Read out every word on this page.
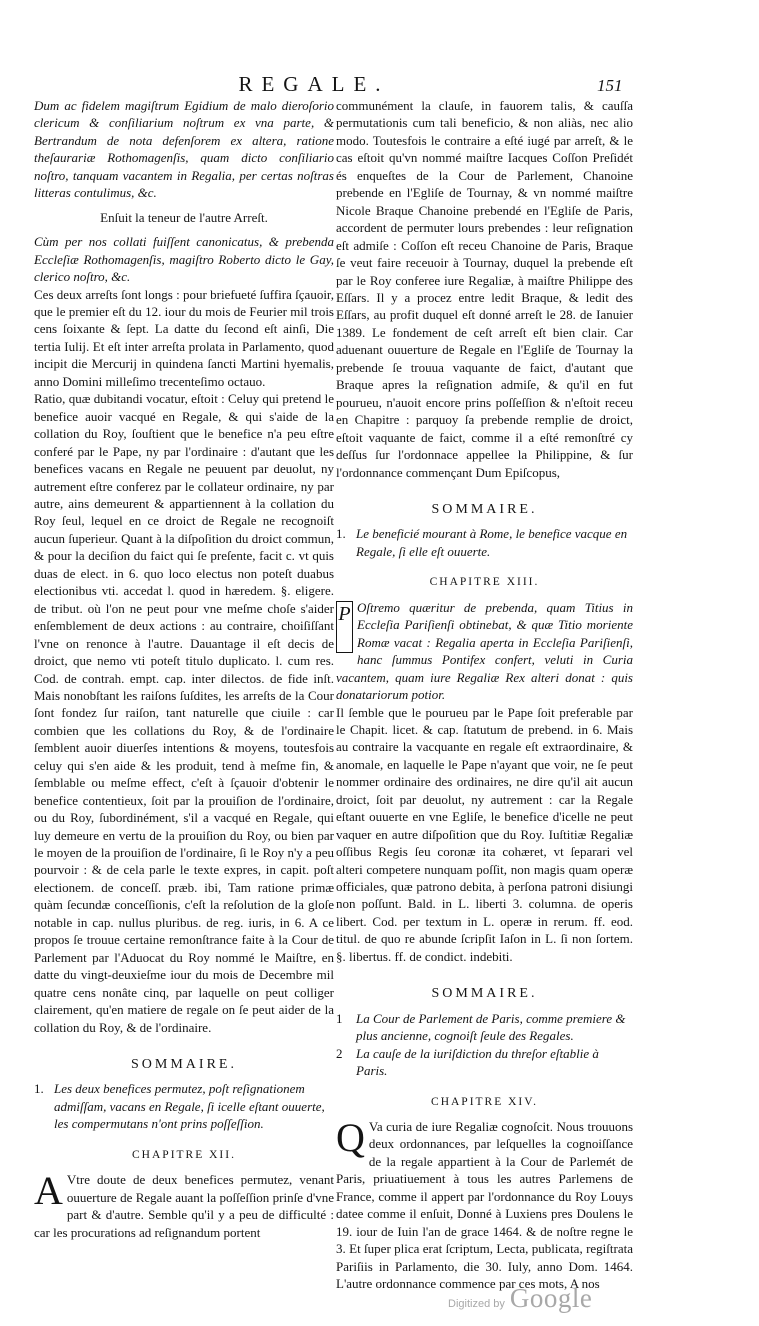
REGALE.	151

Dum ac fidelem magiſtrum Egidium de malo dieroſorio clericum & conſiliarium noſtrum ex vna parte, & Bertrandum de nota defenſorem ex altera, ratione theſaurariæ Rothomagenſis, quam dicto conſiliario noſtro, tanquam vacantem in Regalia, per certas noſtras litteras contulimus, &c.

Enſuit la teneur de l'autre Arreſt.

Cùm per nos collati fuiſſent canonicatus, & prebenda Eccleſiæ Rothomagenſis, magiſtro Roberto dicto le Gay, clerico noſtro, &c.

Ces deux arreſts ſont longs : pour briefueté ſuffira ſçauoir, que le premier eſt du 12. iour du mois de Feurier mil trois cens ſoixante & ſept. La datte du ſecond eſt ainſi, Die tertia Iulij. Et eſt inter arreſta prolata in Parlamento, quod incipit die Mercurij in quindena ſancti Martini hyemalis, anno Domini milleſimo trecenteſimo octauo.

Ratio, quæ dubitandi vocatur, eſtoit : Celuy qui pretend le benefice auoir vacqué en Regale, & qui s'aide de la collation du Roy, ſouſtient que le benefice n'a peu eſtre conferé par le Pape, ny par l'ordinaire : d'autant que les benefices vacans en Regale ne peuuent par deuolut, ny autrement eſtre conferez par le collateur ordinaire, ny par autre, ains demeurent & appartiennent à la collation du Roy ſeul, lequel en ce droict de Regale ne recognoiſt aucun ſuperieur. Quant à la diſpoſition du droict commun, & pour la deciſion du faict qui ſe preſente, facit c. vt quis duas de elect. in 6. quo loco electus non poteſt duabus electionibus vti. accedat l. quod in hæredem. §. eligere. de tribut. où l'on ne peut pour vne meſme choſe s'aider enſemblement de deux actions : au contraire, choiſiſſant l'vne on renonce à l'autre. Dauantage il eſt decis de droict, que nemo vti poteſt titulo duplicato. l. cum res. Cod. de contrah. empt. cap. inter dilectos. de fide inſt. Mais nonobſtant les raiſons ſuſdites, les arreſts de la Cour ſont fondez ſur raiſon, tant naturelle que ciuile : car combien que les collations du Roy, & de l'ordinaire ſemblent auoir diuerſes intentions & moyens, toutesfois celuy qui s'en aide & les produit, tend à meſme fin, & ſemblable ou meſme effect, c'eſt à ſçauoir d'obtenir le benefice contentieux, ſoit par la prouiſion de l'ordinaire, ou du Roy, ſubordinément, s'il a vacqué en Regale, qui luy demeure en vertu de la prouiſion du Roy, ou bien par le moyen de la prouiſion de l'ordinaire, ſi le Roy n'y a peu pourvoir : & de cela parle le texte expres, in capit. poſt electionem. de conceſſ. præb. ibi, Tam ratione primæ quàm ſecundæ conceſſionis, c'eſt la reſolution de la gloſe notable in cap. nullus pluribus. de reg. iuris, in 6. A ce propos ſe trouue certaine remonſtrance faite à la Cour de Parlement par l'Aduocat du Roy nommé le Maiſtre, en datte du vingt-deuxieſme iour du mois de Decembre mil quatre cens nonâte cinq, par laquelle on peut colliger clairement, qu'en matiere de regale on ſe peut aider de la collation du Roy, & de l'ordinaire.

SOMMAIRE.

1. Les deux benefices permutez, poſt reſignationem admiſſam, vacans en Regale, ſi icelle eſtant ouuerte, les compermutans n'ont prins poſſeſſion.

CHAPITRE XII.

A Vtre doute de deux benefices permutez, venant ouuerture de Regale auant la poſſeſſion prinſe d'vne part & d'autre. Semble qu'il y a peu de difficulté : car les procurations ad reſignandum portent

communément la clauſe, in fauorem talis, & cauſſa permutationis cum tali beneficio, & non aliàs, nec alio modo. Toutesfois le contraire a eſté iugé par arreſt, & le cas eſtoit qu'vn nommé maiſtre Iacques Coſſon Preſidét és enqueſtes de la Cour de Parlement, Chanoine prebende en l'Egliſe de Tournay, & vn nommé maiſtre Nicole Braque Chanoine prebendé en l'Egliſe de Paris, accordent de permuter lours prebendes : leur reſignation eſt admiſe : Coſſon eſt receu Chanoine de Paris, Braque ſe veut faire receuoir à Tournay, duquel la prebende eſt par le Roy conferee iure Regaliæ, à maiſtre Philippe des Eſſars. Il y a procez entre ledit Braque, & ledit des Eſſars, au profit duquel eſt donné arreſt le 28. de Ianuier 1389. Le fondement de ceſt arreſt eſt bien clair. Car aduenant ouuerture de Regale en l'Egliſe de Tournay la prebende ſe trouua vaquante de faict, d'autant que Braque apres la reſignation admiſe, & qu'il en fut pourueu, n'auoit encore prins poſſeſſion & n'eſtoit receu en Chapitre : parquoy ſa prebende remplie de droict, eſtoit vaquante de faict, comme il a eſté remonſtré cy deſſus ſur l'ordonnace appellee la Philippine, & ſur l'ordonnance commençant Dum Epiſcopus,

SOMMAIRE.

1. Le beneficié mourant à Rome, le benefice vacque en Regale, ſi elle eſt ouuerte.

CHAPITRE XIII.

P Oſtremo quæritur de prebenda, quam Titius in Eccleſia Pariſienſi obtinebat, & quæ Titio moriente Romæ vacat : Regalia aperta in Eccleſia Pariſienſi, hanc ſummus Pontifex confert, veluti in Curia vacantem, quam iure Regaliæ Rex alteri donat : quis donatariorum potior.

Il ſemble que le pourueu par le Pape ſoit preferable par le Chapit. licet. & cap. ſtatutum de prebend. in 6. Mais au contraire la vacquante en regale eſt extraordinaire, & anomale, en laquelle le Pape n'ayant que voir, ne ſe peut nommer ordinaire des ordinaires, ne dire qu'il ait aucun droict, ſoit par deuolut, ny autrement : car la Regale eſtant ouuerte en vne Egliſe, le benefice d'icelle ne peut vaquer en autre diſpoſition que du Roy. Iuſtitiæ Regaliæ oſſibus Regis ſeu coronæ ita cohæret, vt ſeparari vel alteri competere nunquam poſſit, non magis quam operæ officiales, quæ patrono debita, à perſona patroni disiungi non poſſunt. Bald. in L. liberti 3. columna. de operis libert. Cod. per textum in L. operæ in rerum. ff. eod. titul. de quo re abunde ſcripſit Iaſon in L. ſi non ſortem. §. libertus. ff. de condict. indebiti.

SOMMAIRE.

1	La Cour de Parlement de Paris, comme premiere & plus ancienne, cognoiſt ſeule des Regales.
2	La cauſe de la iuriſdiction du threſor eſtablie à Paris.

CHAPITRE XIV.

Q Va curia de iure Regaliæ cognoſcit. Nous trouuons deux ordonnances, par leſquelles la cognoiſſance de la regale appartient à la Cour de Parlemét de Paris, priuatiuement à tous les autres Parlemens de France, comme il appert par l'ordonnance du Roy Louys datee comme il enſuit, Donné à Luxiens pres Doulens le 19. iour de Iuin l'an de grace 1464. & de noſtre regne le 3. Et ſuper plica erat ſcriptum, Lecta, publicata, regiſtrata Pariſiis in Parlamento, die 30. Iuly, anno Dom. 1464. L'autre ordonnance commence par ces mots, A nos

Digitized by Google
